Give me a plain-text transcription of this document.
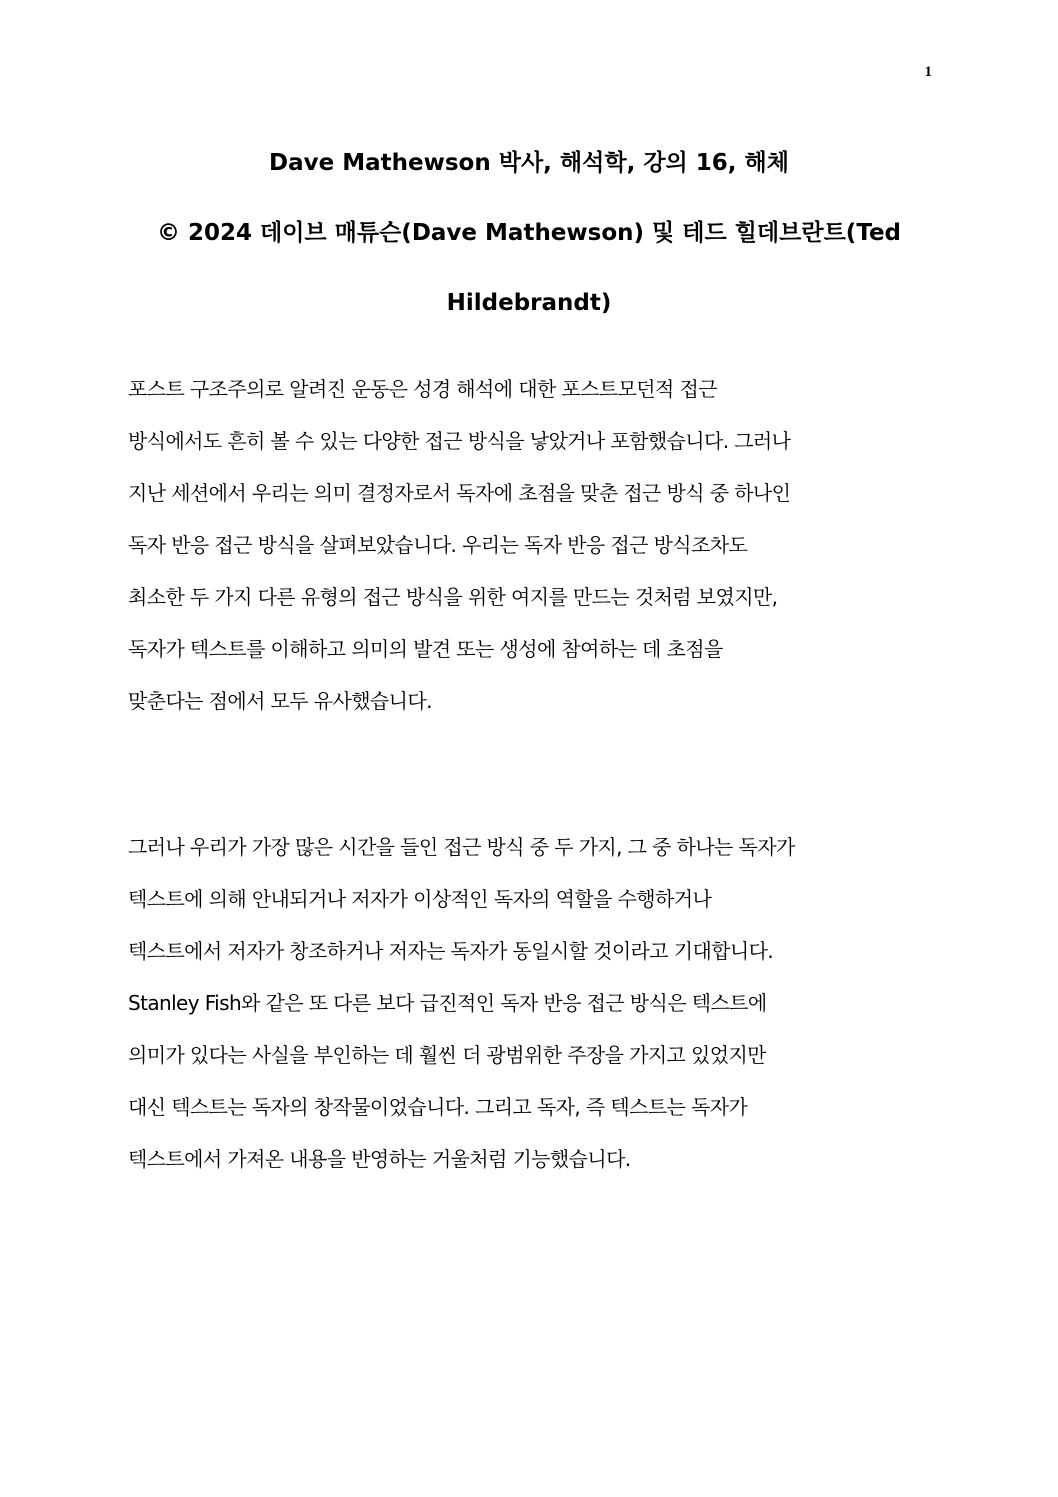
1
Dave Mathewson 박사, 해석학, 강의 16, 해체
© 2024 데이브 매튜슨(Dave Mathewson) 및 테드 힐데브란트(Ted
Hildebrandt)
포스트 구조주의로 알려진 운동은 성경 해석에 대한 포스트모던적 접근
방식에서도 흔히 볼 수 있는 다양한 접근 방식을 낳았거나 포함했습니다. 그러나
지난 세션에서 우리는 의미 결정자로서 독자에 초점을 맞춘 접근 방식 중 하나인
독자 반응 접근 방식을 살펴보았습니다. 우리는 독자 반응 접근 방식조차도
최소한 두 가지 다른 유형의 접근 방식을 위한 여지를 만드는 것처럼 보였지만,
독자가 텍스트를 이해하고 의미의 발견 또는 생성에 참여하는 데 초점을
맞춘다는 점에서 모두 유사했습니다.
그러나 우리가 가장 많은 시간을 들인 접근 방식 중 두 가지, 그 중 하나는 독자가
텍스트에 의해 안내되거나 저자가 이상적인 독자의 역할을 수행하거나
텍스트에서 저자가 창조하거나 저자는 독자가 동일시할 것이라고 기대합니다.
Stanley Fish와 같은 또 다른 보다 급진적인 독자 반응 접근 방식은 텍스트에
의미가 있다는 사실을 부인하는 데 훨씬 더 광범위한 주장을 가지고 있었지만
대신 텍스트는 독자의 창작물이었습니다. 그리고 독자, 즉 텍스트는 독자가
텍스트에서 가져온 내용을 반영하는 거울처럼 기능했습니다.
